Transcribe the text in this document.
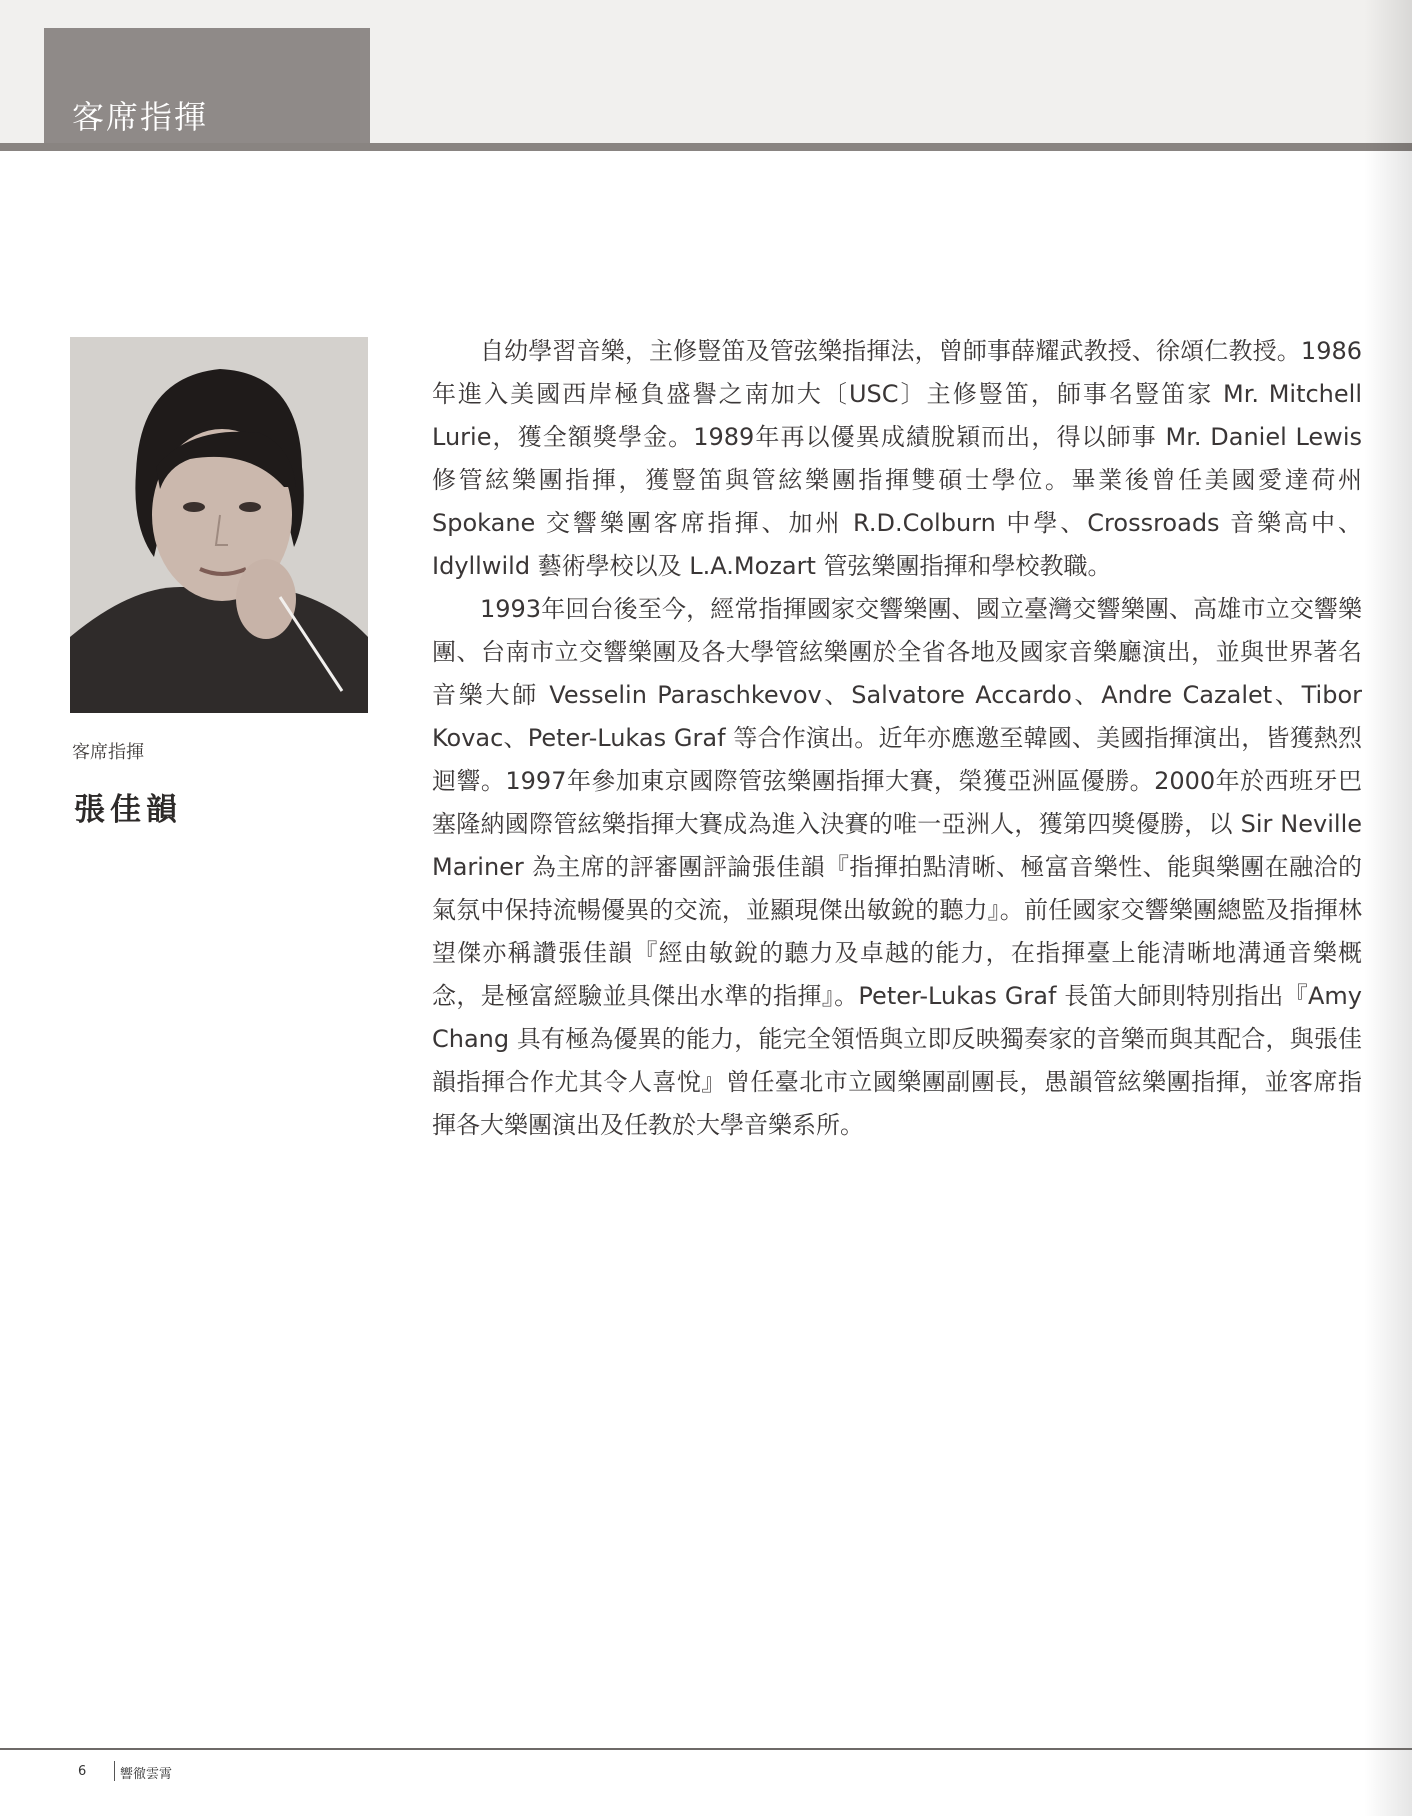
客席指揮
客席指揮
張佳韻

自幼學習音樂，主修豎笛及管弦樂指揮法，曾師事薛耀武教授、徐頌仁教授。1986年進入美國西岸極負盛譽之南加大〔USC〕主修豎笛，師事名豎笛家 Mr. Mitchell Lurie，獲全額獎學金。1989年再以優異成績脫穎而出，得以師事 Mr. Daniel Lewis 修管絃樂團指揮，獲豎笛與管絃樂團指揮雙碩士學位。畢業後曾任美國愛達荷州 Spokane 交響樂團客席指揮、加州 R.D.Colburn 中學、Crossroads 音樂高中、Idyllwild 藝術學校以及 L.A.Mozart 管弦樂團指揮和學校教職。

1993年回台後至今，經常指揮國家交響樂團、國立臺灣交響樂團、高雄市立交響樂團、台南市立交響樂團及各大學管絃樂團於全省各地及國家音樂廳演出，並與世界著名音樂大師 Vesselin Paraschkevov、Salvatore Accardo、Andre Cazalet、Tibor Kovac、Peter-Lukas Graf 等合作演出。近年亦應邀至韓國、美國指揮演出，皆獲熱烈迴響。1997年參加東京國際管弦樂團指揮大賽，榮獲亞洲區優勝。2000年於西班牙巴塞隆納國際管絃樂指揮大賽成為進入決賽的唯一亞洲人，獲第四獎優勝，以 Sir Neville Mariner 為主席的評審團評論張佳韻『指揮拍點清晰、極富音樂性、能與樂團在融洽的氣氛中保持流暢優異的交流，並顯現傑出敏銳的聽力』。前任國家交響樂團總監及指揮林望傑亦稱讚張佳韻『經由敏銳的聽力及卓越的能力，在指揮臺上能清晰地溝通音樂概念，是極富經驗並具傑出水準的指揮』。Peter-Lukas Graf 長笛大師則特別指出『Amy Chang 具有極為優異的能力，能完全領悟與立即反映獨奏家的音樂而與其配合，與張佳韻指揮合作尤其令人喜悅』曾任臺北市立國樂團副團長，愚韻管絃樂團指揮，並客席指揮各大樂團演出及任教於大學音樂系所。

6	響徹雲霄
